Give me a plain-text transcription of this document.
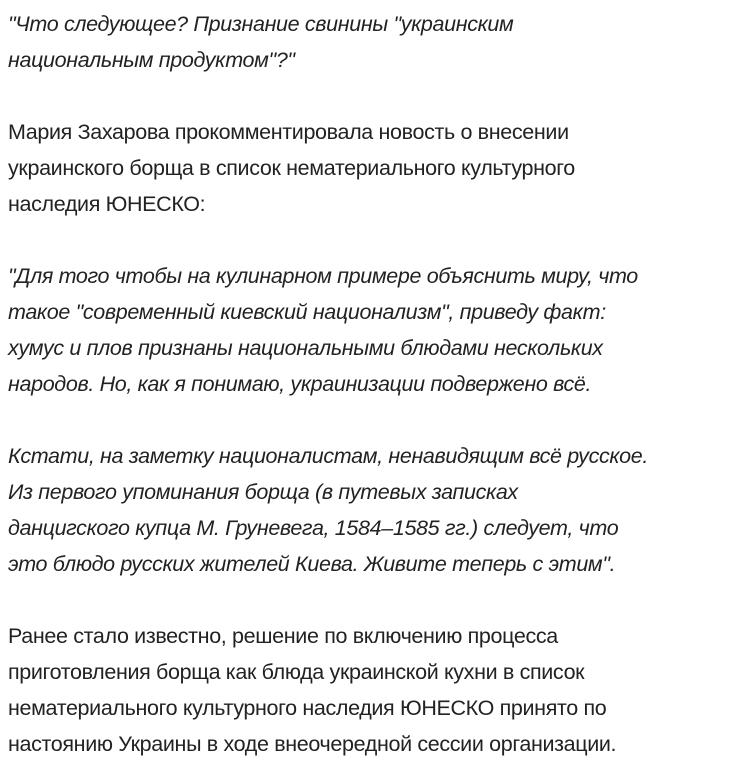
"Что следующее? Признание свинины "украинским
национальным продуктом"?"

Мария Захарова прокомментировала новость о внесении
украинского борща в список нематериального культурного
наследия ЮНЕСКО:

"Для того чтобы на кулинарном примере объяснить миру, что
такое "современный киевский национализм", приведу факт:
хумус и плов признаны национальными блюдами нескольких
народов. Но, как я понимаю, украинизации подвержено всё.

Кстати, на заметку националистам, ненавидящим всё русское.
Из первого упоминания борща (в путевых записках
данцигского купца М. Груневега, 1584–1585 гг.) следует, что
это блюдо русских жителей Киева. Живите теперь с этим".

Ранее стало известно, решение по включению процесса
приготовления борща как блюда украинской кухни в список
нематериального культурного наследия ЮНЕСКО принято по
настоянию Украины в ходе внеочередной сессии организации.
